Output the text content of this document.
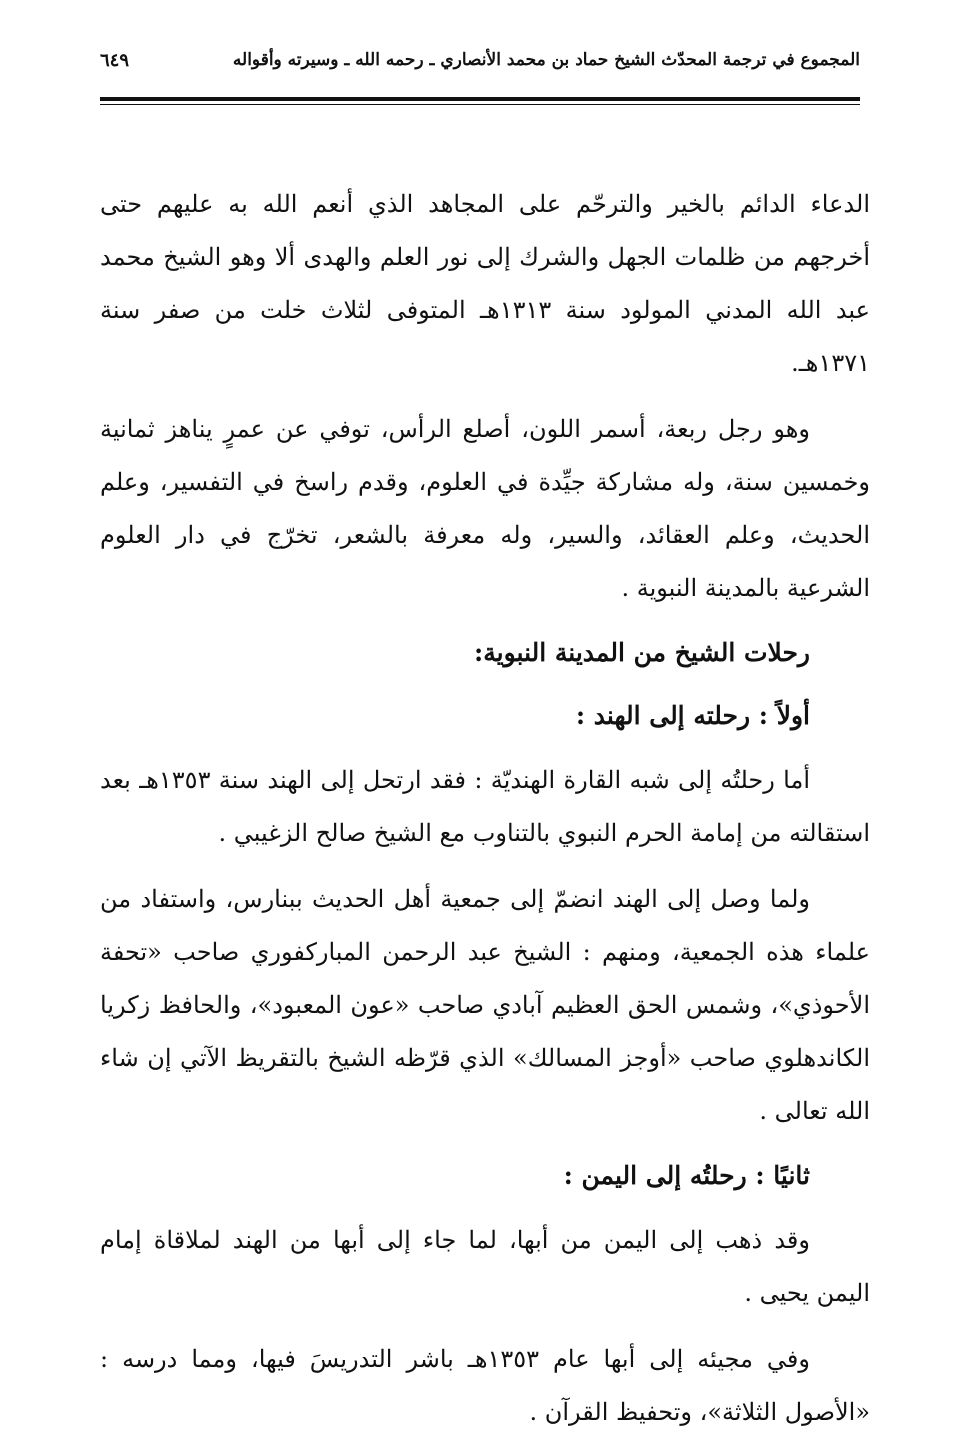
المجموع في ترجمة المحدّث الشيخ حماد بن محمد الأنصاري ـ رحمه الله ـ وسيرته وأقواله
٦٤٩

الدعاء الدائم بالخير والترحّم على المجاهد الذي أنعم الله به عليهم حتى أخرجهم من ظلمات الجهل والشرك إلى نور العلم والهدى ألا وهو الشيخ محمد عبد الله المدني المولود سنة ١٣١٣هـ المتوفى لثلاث خلت من صفر سنة ١٣٧١هـ.

وهو رجل ربعة، أسمر اللون، أصلع الرأس، توفي عن عمرٍ يناهز ثمانية وخمسين سنة، وله مشاركة جيِّدة في العلوم، وقدم راسخ في التفسير، وعلم الحديث، وعلم العقائد، والسير، وله معرفة بالشعر، تخرّج في دار العلوم الشرعية بالمدينة النبوية .

رحلات الشيخ من المدينة النبوية:
أولاً : رحلته إلى الهند :

أما رحلتُه إلى شبه القارة الهنديّة : فقد ارتحل إلى الهند سنة ١٣٥٣هـ بعد استقالته من إمامة الحرم النبوي بالتناوب مع الشيخ صالح الزغيبي .

ولما وصل إلى الهند انضمّ إلى جمعية أهل الحديث ببنارس، واستفاد من علماء هذه الجمعية، ومنهم : الشيخ عبد الرحمن المباركفوري صاحب «تحفة الأحوذي»، وشمس الحق العظيم آبادي صاحب «عون المعبود»، والحافظ زكريا الكاندهلوي صاحب «أوجز المسالك» الذي قرّظه الشيخ بالتقريظ الآتي إن شاء الله تعالى .

ثانيًا : رحلتُه إلى اليمن :

وقد ذهب إلى اليمن من أبها، لما جاء إلى أبها من الهند لملاقاة إمام اليمن يحيى .

وفي مجيئه إلى أبها عام ١٣٥٣هـ باشر التدريسَ فيها، ومما درسه : «الأصول الثلاثة»، وتحفيظ القرآن .
